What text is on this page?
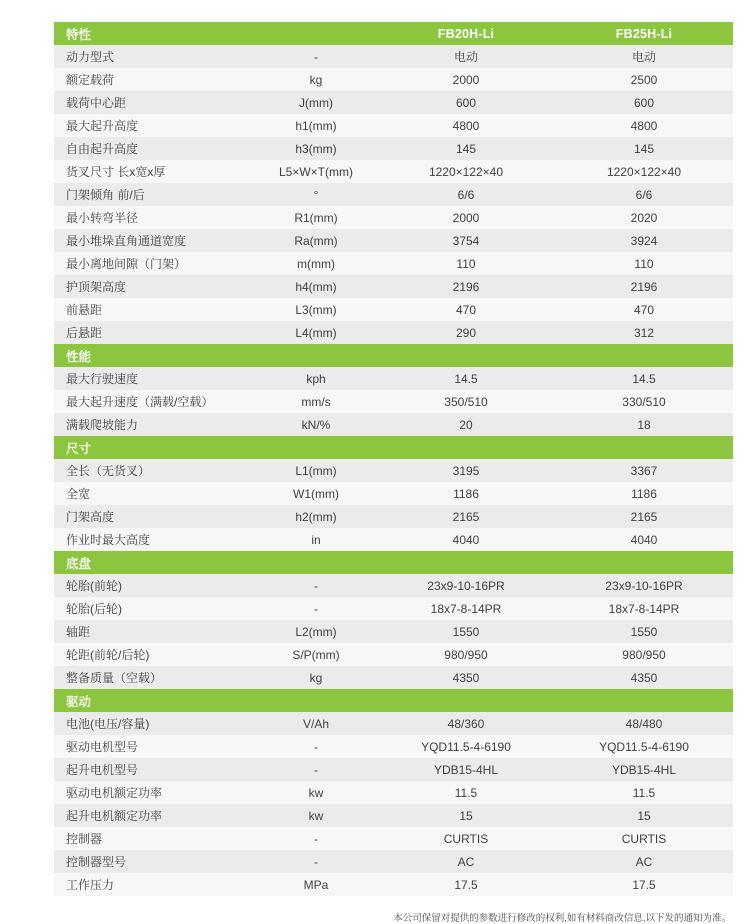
特性		FB20H-Li	FB25H-Li
动力型式	-	电动	电动
额定载荷	kg	2000	2500
载荷中心距	J(mm)	600	600
最大起升高度	h1(mm)	4800	4800
自由起升高度	h3(mm)	145	145
货叉尺寸 长x宽x厚	L5×W×T(mm)	1220×122×40	1220×122×40
门架倾角 前/后	°	6/6	6/6
最小转弯半径	R1(mm)	2000	2020
最小堆垛直角通道宽度	Ra(mm)	3754	3924
最小离地间隙（门架）	m(mm)	110	110
护顶架高度	h4(mm)	2196	2196
前悬距	L3(mm)	470	470
后悬距	L4(mm)	290	312
性能			
最大行驶速度	kph	14.5	14.5
最大起升速度（满载/空载）	mm/s	350/510	330/510
满载爬坡能力	kN/%	20	18
尺寸			
全长（无货叉）	L1(mm)	3195	3367
全宽	W1(mm)	1186	1186
门架高度	h2(mm)	2165	2165
作业时最大高度	in	4040	4040
底盘			
轮胎(前轮)	-	23x9-10-16PR	23x9-10-16PR
轮胎(后轮)	-	18x7-8-14PR	18x7-8-14PR
轴距	L2(mm)	1550	1550
轮距(前轮/后轮)	S/P(mm)	980/950	980/950
整备质量（空载）	kg	4350	4350
驱动			
电池(电压/容量)	V/Ah	48/360	48/480
驱动电机型号	-	YQD11.5-4-6190	YQD11.5-4-6190
起升电机型号	-	YDB15-4HL	YDB15-4HL
驱动电机额定功率	kw	11.5	11.5
起升电机额定功率	kw	15	15
控制器	-	CURTIS	CURTIS
控制器型号	-	AC	AC
工作压力	MPa	17.5	17.5
本公司保留对提供的参数进行修改的权利,如有材料商改信息,以下发的通知为准。
